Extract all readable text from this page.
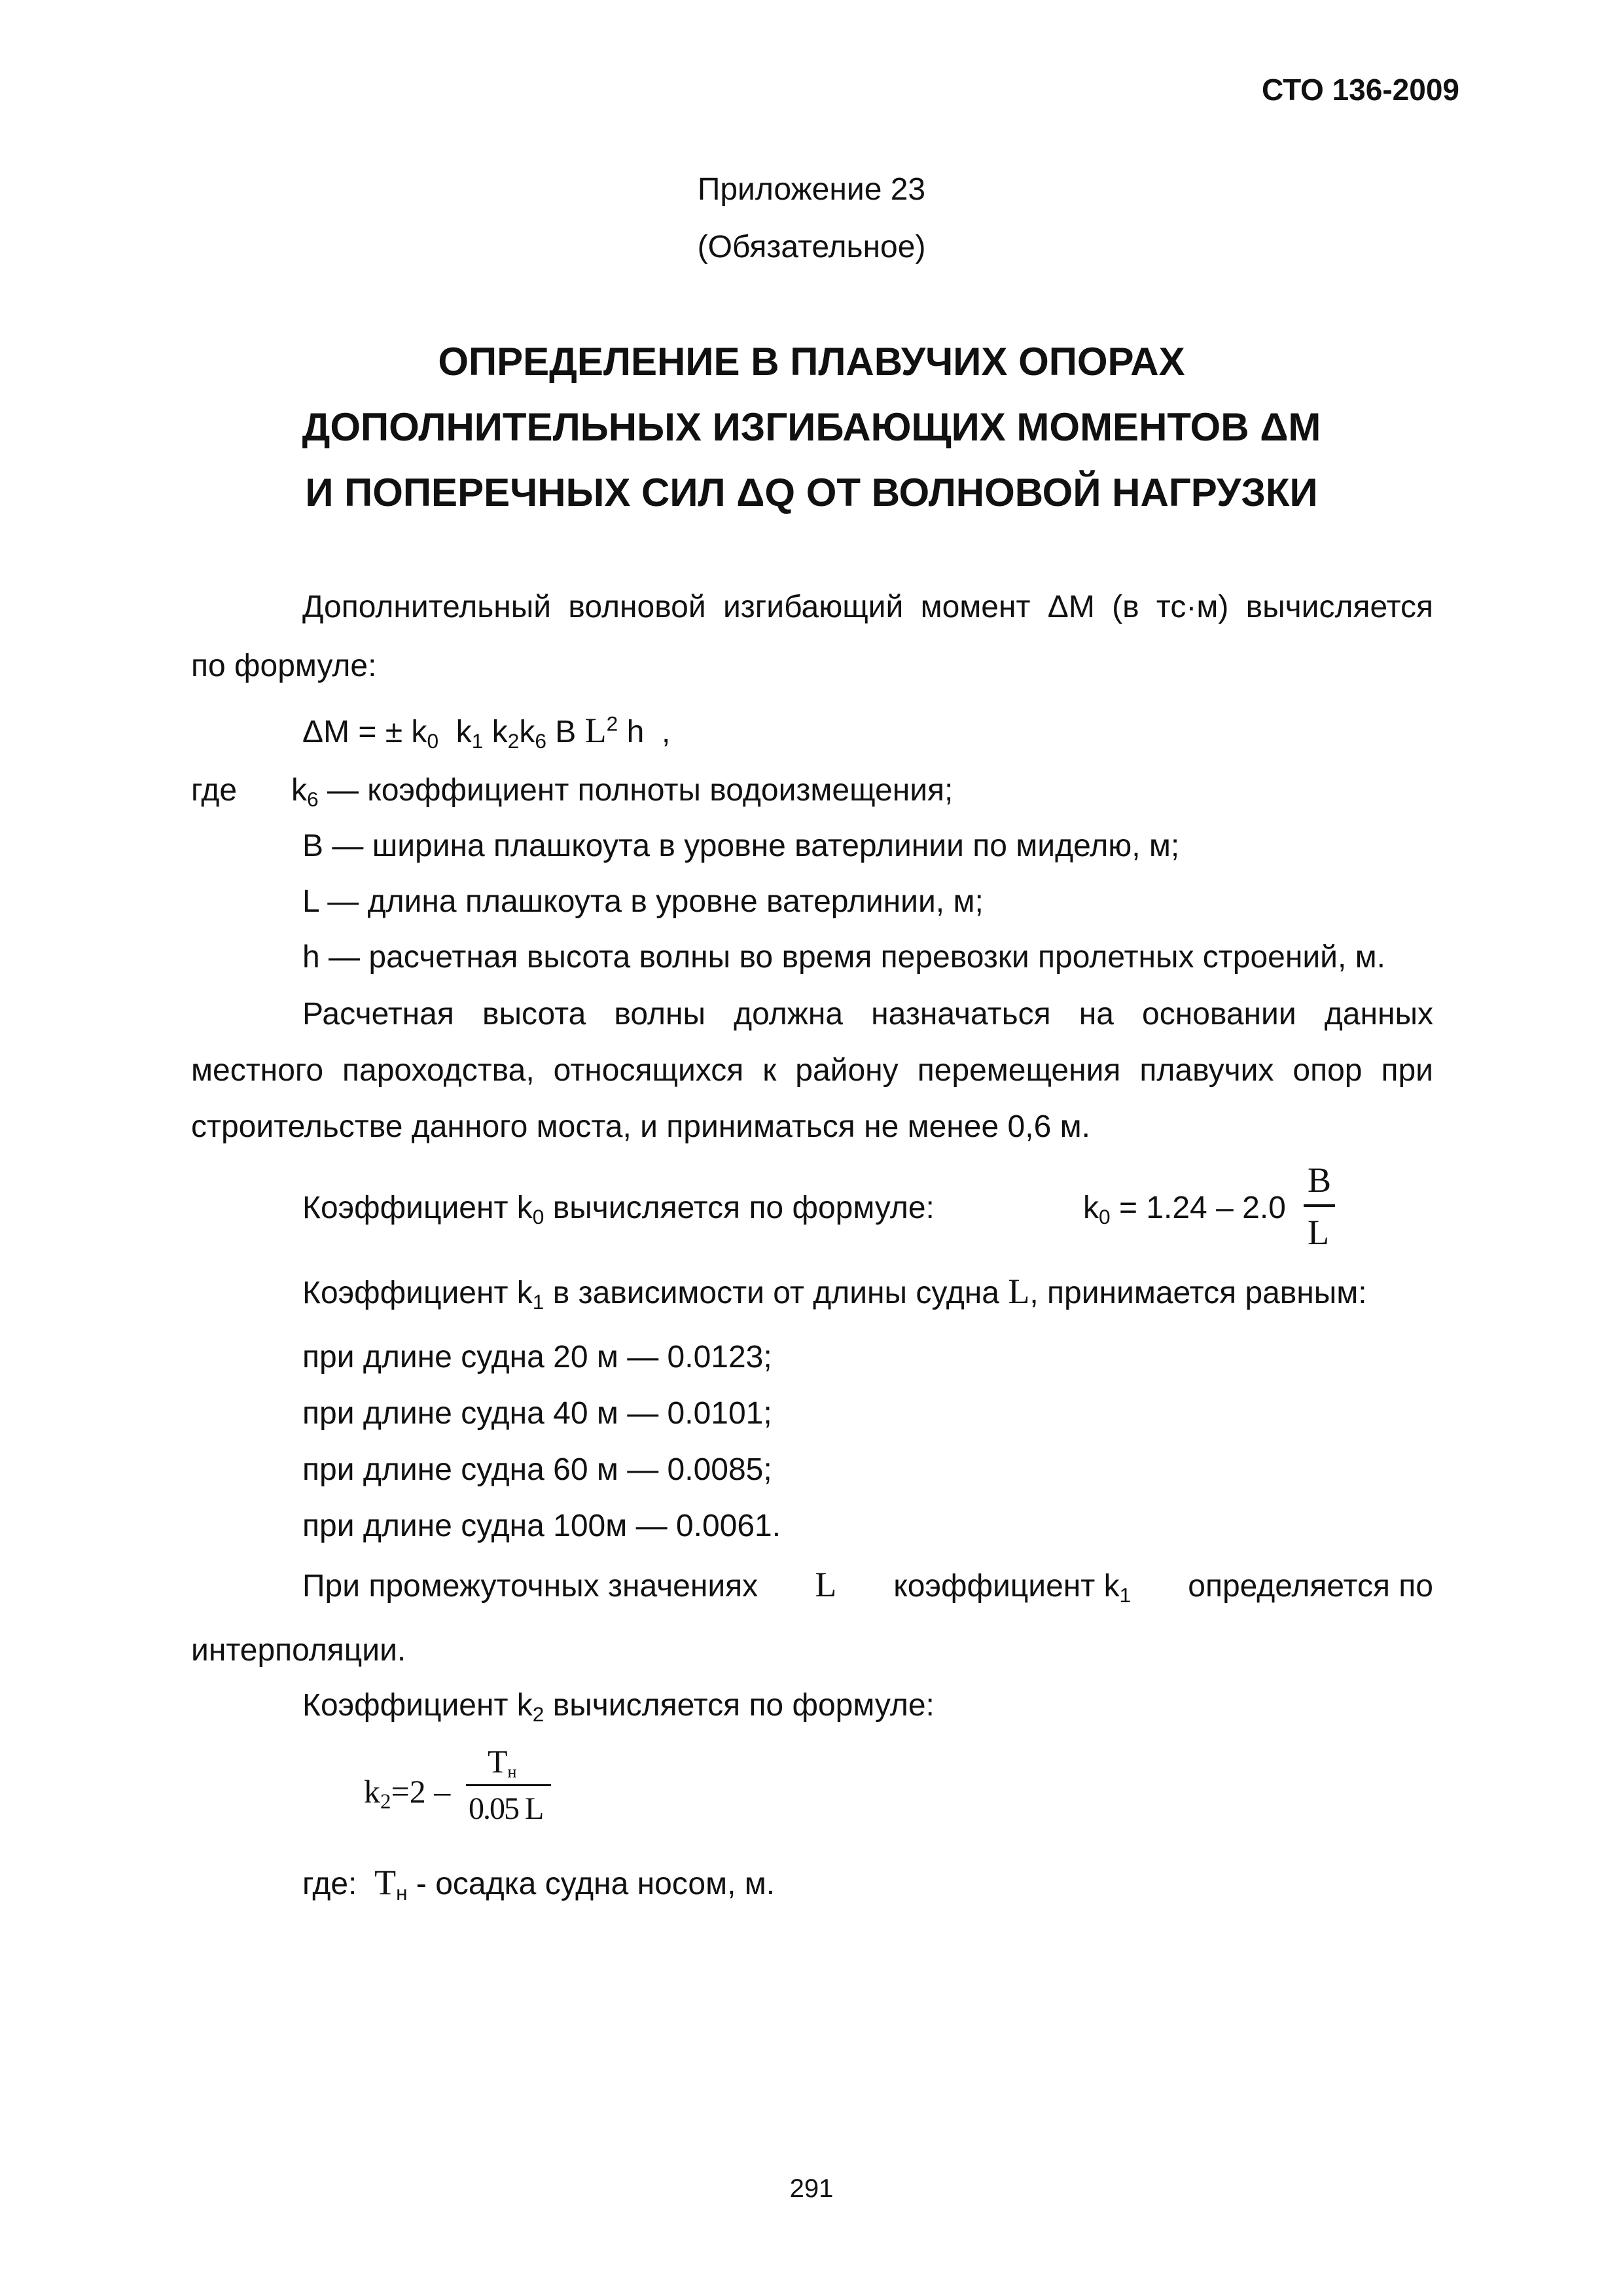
СТО 136-2009
Приложение 23
(Обязательное)
ОПРЕДЕЛЕНИЕ В ПЛАВУЧИХ ОПОРАХ
ДОПОЛНИТЕЛЬНЫХ ИЗГИБАЮЩИХ МОМЕНТОВ ΔM
И ПОПЕРЕЧНЫХ СИЛ ΔQ ОТ ВОЛНОВОЙ НАГРУЗКИ
Дополнительный волновой изгибающий момент ΔM (в тс·м) вычисляется
по формуле:
ΔM = ± $k_0$ $k_1$ $k_2k_6$ B $L^2$ h ,
где $k_6$ — коэффициент полноты водоизмещения;
B — ширина плашкоута в уровне ватерлинии по миделю, м;
L — длина плашкоута в уровне ватерлинии, м;
h — расчетная высота волны во время перевозки пролетных строений, м.
Расчетная высота волны должна назначаться на основании данных
местного пароходства, относящихся к району перемещения плавучих опор при
строительстве данного моста, и приниматься не менее 0,6 м.
Коэффициент $k_0$ вычисляется по формуле:	$k_0 = 1.24 - 2.0$
B
L
Коэффициент $k_1$ в зависимости от длины судна L, принимается равным:
при длине судна 20 м — 0.0123;
при длине судна 40 м — 0.0101;
при длине судна 60 м — 0.0085;
при длине судна 100м — 0.0061.
При промежуточных значениях L коэффициент $k_1$ определяется по
интерполяции.
Коэффициент $k_2$ вычисляется по формуле:
$k_2=2$ –
$T_н$
0.05 L
где: $T_н$ - осадка судна носом, м.
291
